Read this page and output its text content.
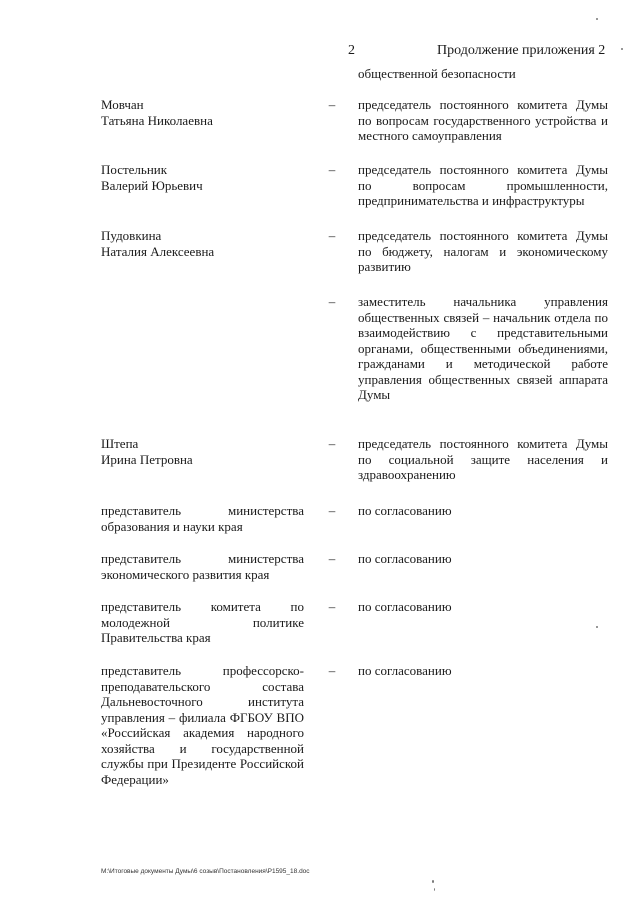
2	Продолжение приложения 2
общественной безопасности
Мовчан
Татьяна Николаевна
– председатель постоянного комитета Думы по вопросам государственного устройства и местного самоуправления
Постельник
Валерий Юрьевич
– председатель постоянного комитета Думы по вопросам промышленности, предпринимательства и инфраструктуры
Пудовкина
Наталия Алексеевна
– председатель постоянного комитета Думы по бюджету, налогам и экономическому развитию
– заместитель начальника управления общественных связей – начальник отдела по взаимодействию с представительными органами, общественными объединениями, гражданами и методической работе управления общественных связей аппарата Думы
Штепа
Ирина Петровна
– председатель постоянного комитета Думы по социальной защите населения и здравоохранению
представитель министерства образования и науки края
– по согласованию
представитель министерства экономического развития края
– по согласованию
представитель комитета по молодежной политике Правительства края
– по согласованию
представитель профессорско-преподавательского состава Дальневосточного института управления – филиала ФГБОУ ВПО «Российская академия народного хозяйства и государственной службы при Президенте Российской Федерации»
– по согласованию
M:\Итоговые документы Думы\6 созыв\Постановления\Р1595_18.doc
